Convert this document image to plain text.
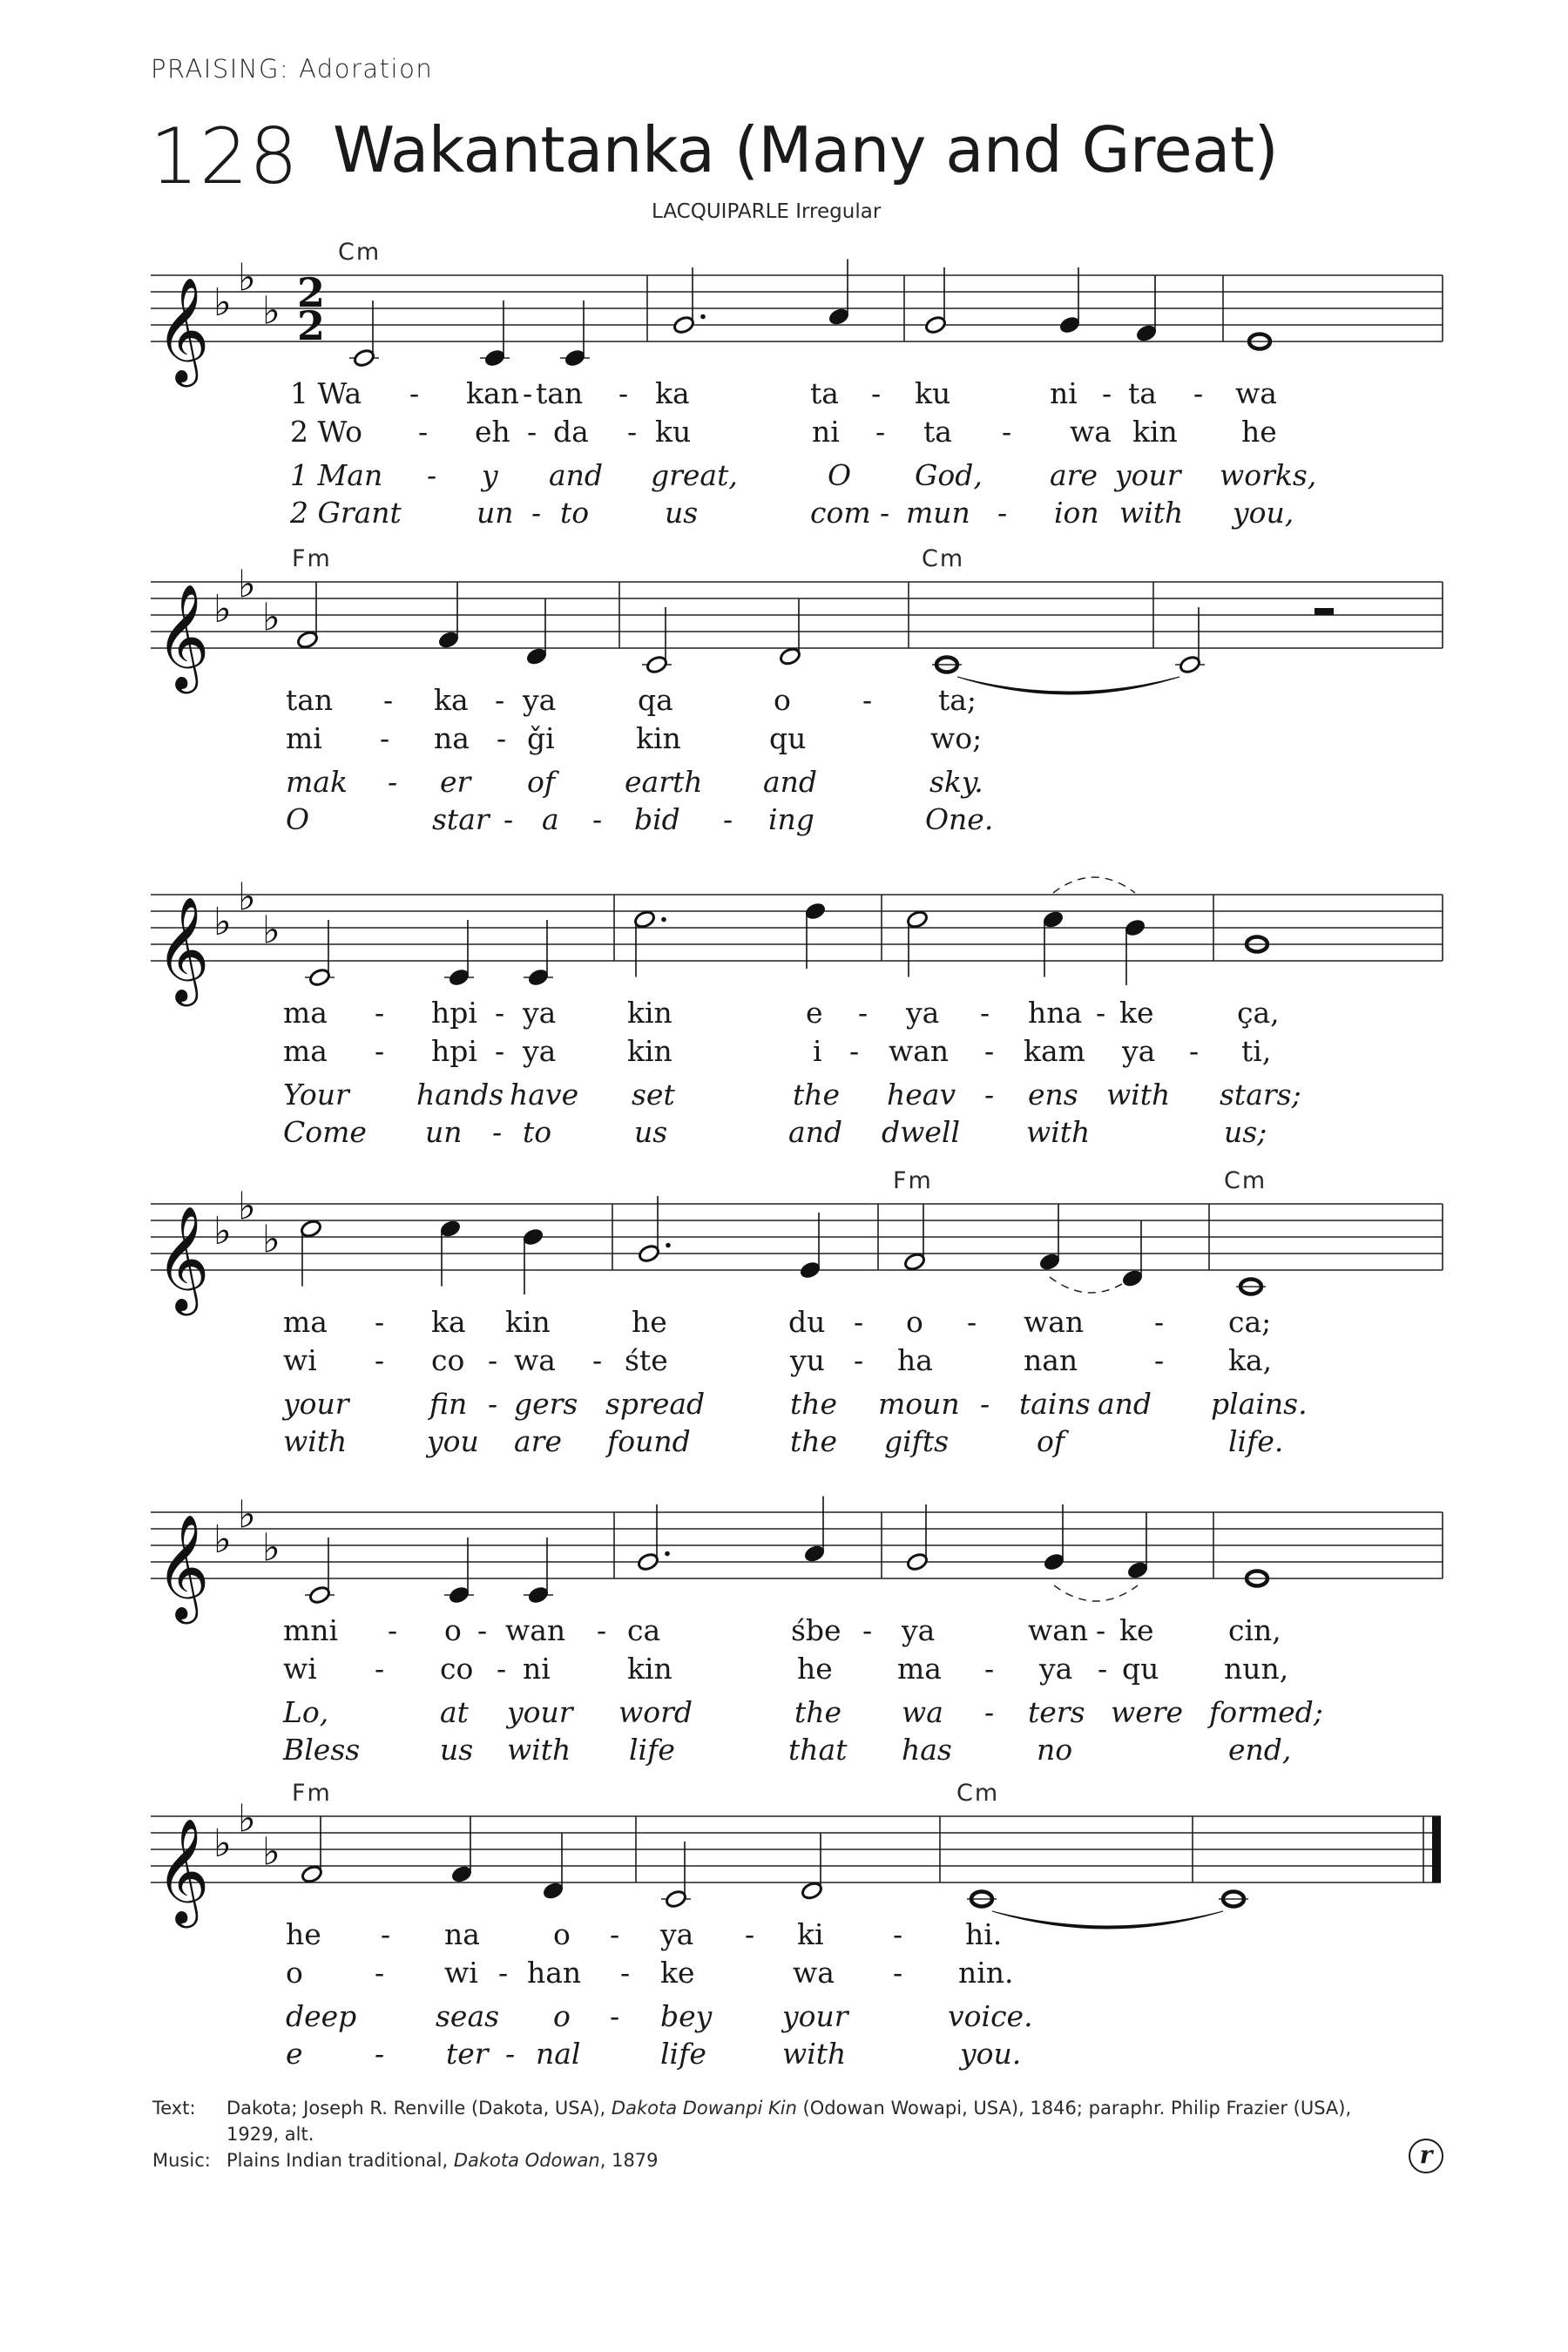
PRAISING: Adoration
128 Wakantanka (Many and Great)
LACQUIPARLE Irregular
𝄞 ♭
♭
♭ 2
2
Cm
1 Wa - kan - tan - ka	ta - ku	ni - ta - wa
2 Wo - eh - da - ku	ni - ta - wa kin he
1 Man - y and great,	O God, are your works,
2 Grant	un - to	us	com - mun - ion with you,
𝄞 ♭
♭
♭
Fm	Cm
tan - ka - ya	qa	o - ta;
mi - na - ǧi	kin	qu	wo;
mak - er of earth and	sky.
O	star - a - bid - ing	One.
𝄞 ♭
♭
♭
ma - hpi - ya kin	e - ya - hna - ke	ça,
ma - hpi - ya kin	i - wan - kam ya - ti,
Your hands have set	the heav - ens with stars;
Come un - to	us	and dwell with	us;
𝄞 ♭
♭
♭
Fm	Cm
ma - ka kin	he	du - o - wan - ca;
wi - co - wa - śte	yu - ha	nan	- ka,
your	fin - gers spread	the moun - tains and plains.
with	you are found	the gifts	of	life.
𝄞 ♭
♭
♭
mni - o - wan - ca	śbe - ya	wan - ke	cin,
wi - co - ni	kin	he ma - ya - qu nun,
Lo,	at your word	the wa - ters were formed;
Bless	us with life	that has	no	end,
𝄞 ♭
♭
♭
Fm	Cm
he - na	o - ya - ki - hi.
o - wi - han - ke	wa - nin.
deep	seas o - bey your	voice.
e - ter - nal	life	with	you.
Text: Dakota; Joseph R. Renville (Dakota, USA), Dakota Dowanpi Kin (Odowan Wowapi, USA), 1846; paraphr. Philip Frazier (USA),
1929, alt.
Music: Plains Indian traditional, Dakota Odowan, 1879	r
